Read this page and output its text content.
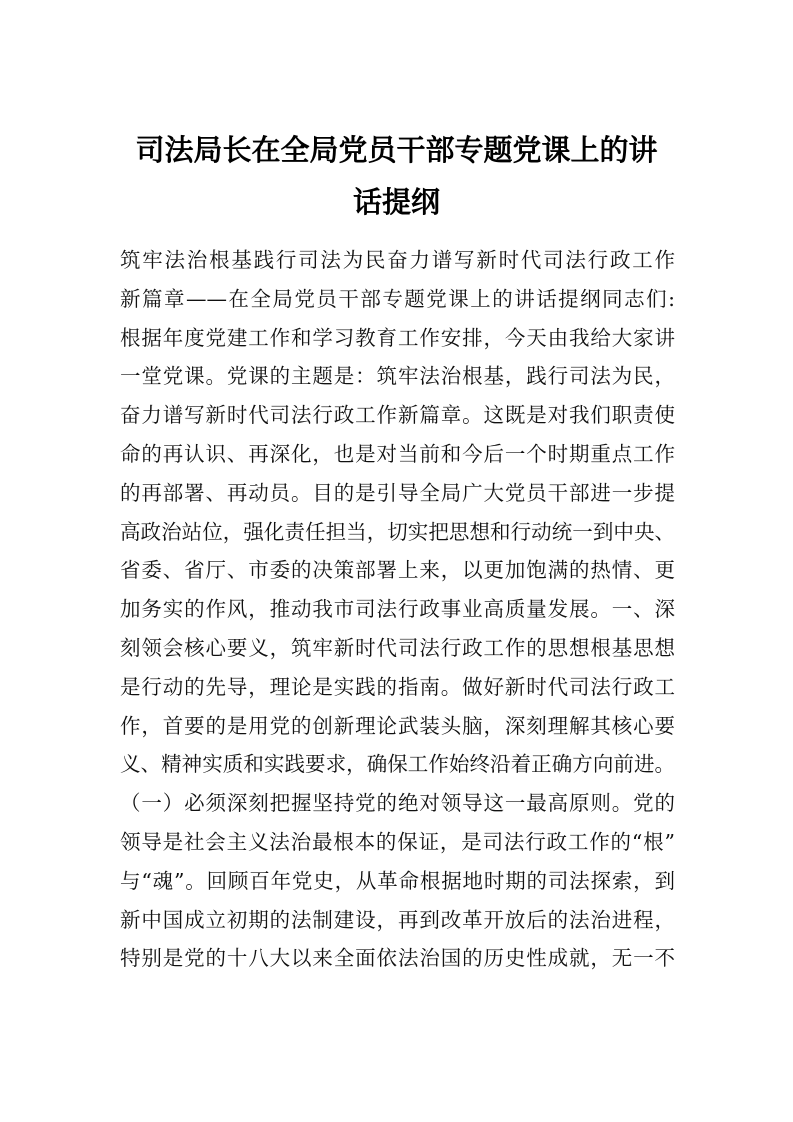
司法局长在全局党员干部专题党课上的讲
话提纲
筑牢法治根基践行司法为民奋力谱写新时代司法行政工作
新篇章——在全局党员干部专题党课上的讲话提纲同志们:
根据年度党建工作和学习教育工作安排，今天由我给大家讲
一堂党课。党课的主题是：筑牢法治根基，践行司法为民，
奋力谱写新时代司法行政工作新篇章。这既是对我们职责使
命的再认识、再深化，也是对当前和今后一个时期重点工作
的再部署、再动员。目的是引导全局广大党员干部进一步提
高政治站位，强化责任担当，切实把思想和行动统一到中央、
省委、省厅、市委的决策部署上来，以更加饱满的热情、更
加务实的作风，推动我市司法行政事业高质量发展。一、深
刻领会核心要义，筑牢新时代司法行政工作的思想根基思想
是行动的先导，理论是实践的指南。做好新时代司法行政工
作，首要的是用党的创新理论武装头脑，深刻理解其核心要
义、精神实质和实践要求，确保工作始终沿着正确方向前进。
（一）必须深刻把握坚持党的绝对领导这一最高原则。党的
领导是社会主义法治最根本的保证，是司法行政工作的“根”
与“魂”。回顾百年党史，从革命根据地时期的司法探索，到
新中国成立初期的法制建设，再到改革开放后的法治进程，
特别是党的十八大以来全面依法治国的历史性成就，无一不
